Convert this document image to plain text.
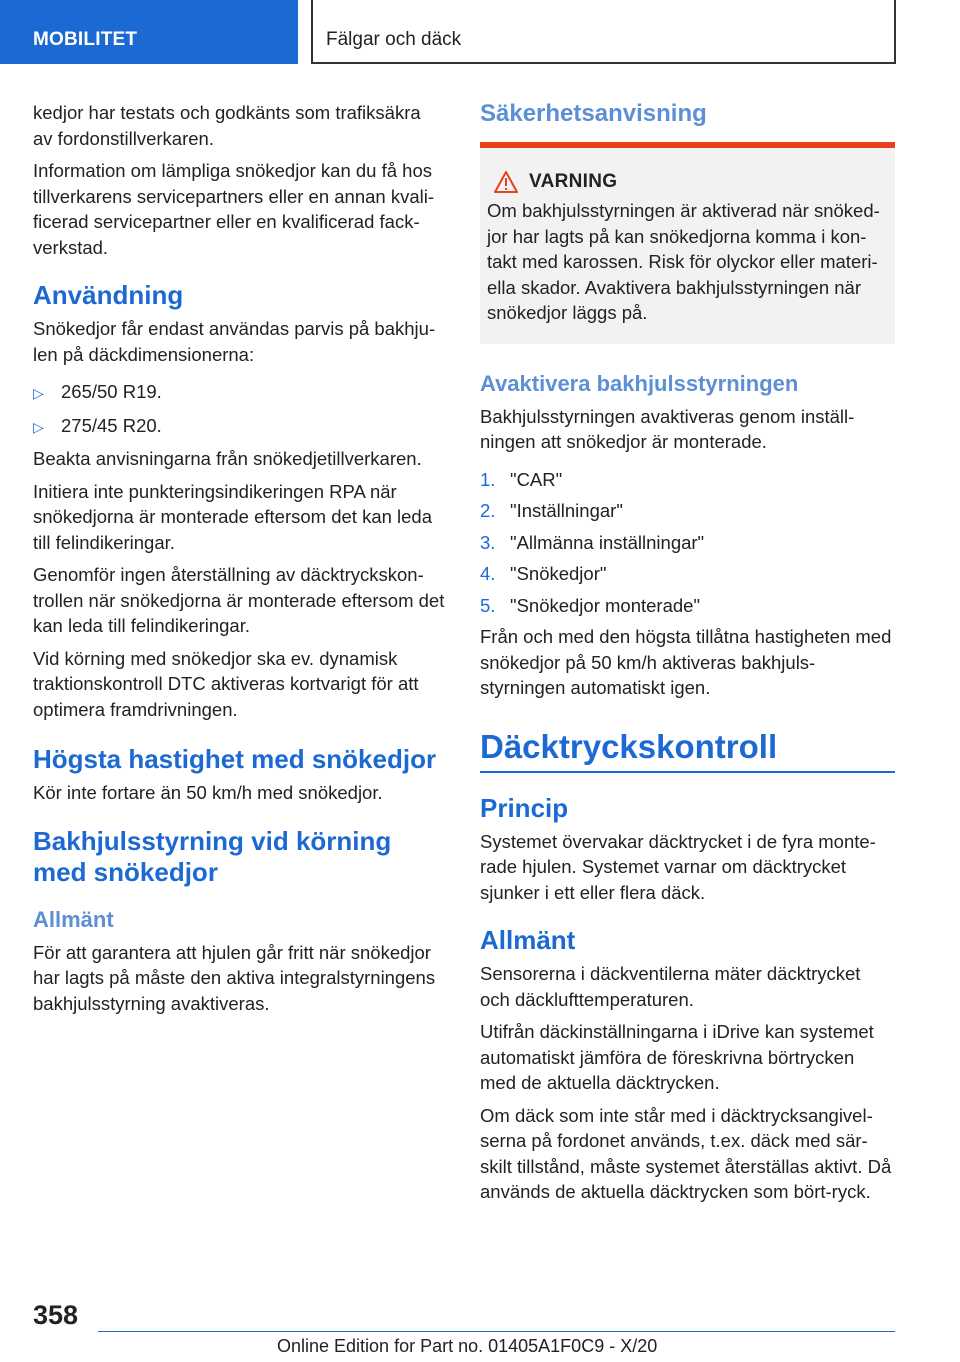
MOBILITET	Fälgar och däck

kedjor har testats och godkänts som trafiksäkra av fordonstillverkaren.

Information om lämpliga snökedjor kan du få hos tillverkarens servicepartners eller en annan kvali-ficerad servicepartner eller en kvalificerad fack-verkstad.

Användning

Snökedjor får endast användas parvis på bakhju-len på däckdimensionerna:

▷ 265/50 R19.
▷ 275/45 R20.

Beakta anvisningarna från snökedjetillverkaren.

Initiera inte punkteringsindikeringen RPA när snökedjorna är monterade eftersom det kan leda till felindikeringar.

Genomför ingen återställning av däcktryckskon-trollen när snökedjorna är monterade eftersom det kan leda till felindikeringar.

Vid körning med snökedjor ska ev. dynamisk traktionskontroll DTC aktiveras kortvarigt för att optimera framdrivningen.

Högsta hastighet med snökedjor

Kör inte fortare än 50 km/h med snökedjor.

Bakhjulsstyrning vid körning med snökedjor
Allmänt

För att garantera att hjulen går fritt när snökedjor har lagts på måste den aktiva integralstyrningens bakhjulsstyrning avaktiveras.

Säkerhetsanvisning
VARNING

Om bakhjulsstyrningen är aktiverad när snöked-jor har lagts på kan snökedjorna komma i kon-takt med karossen. Risk för olyckor eller materi-ella skador. Avaktivera bakhjulsstyrningen när snökedjor läggs på.

Avaktivera bakhjulsstyrningen

Bakhjulsstyrningen avaktiveras genom inställ-ningen att snökedjor är monterade.

1. "CAR"
2. "Inställningar"
3. "Allmänna inställningar"
4. "Snökedjor"
5. "Snökedjor monterade"

Från och med den högsta tillåtna hastigheten med snökedjor på 50 km/h aktiveras bakhjuls-styrningen automatiskt igen.

Däcktryckskontroll
Princip

Systemet övervakar däcktrycket i de fyra monte-rade hjulen. Systemet varnar om däcktrycket sjunker i ett eller flera däck.

Allmänt

Sensorerna i däckventilerna mäter däcktrycket och däcklufttemperaturen.

Utifrån däckinställningarna i iDrive kan systemet automatiskt jämföra de föreskrivna börtrycken med de aktuella däcktrycken.

Om däck som inte står med i däcktrycksangivel-serna på fordonet används, t.ex. däck med sär-skilt tillstånd, måste systemet återställas aktivt. Då används de aktuella däcktrycken som bört-ryck.

358
Online Edition for Part no. 01405A1F0C9 - X/20
